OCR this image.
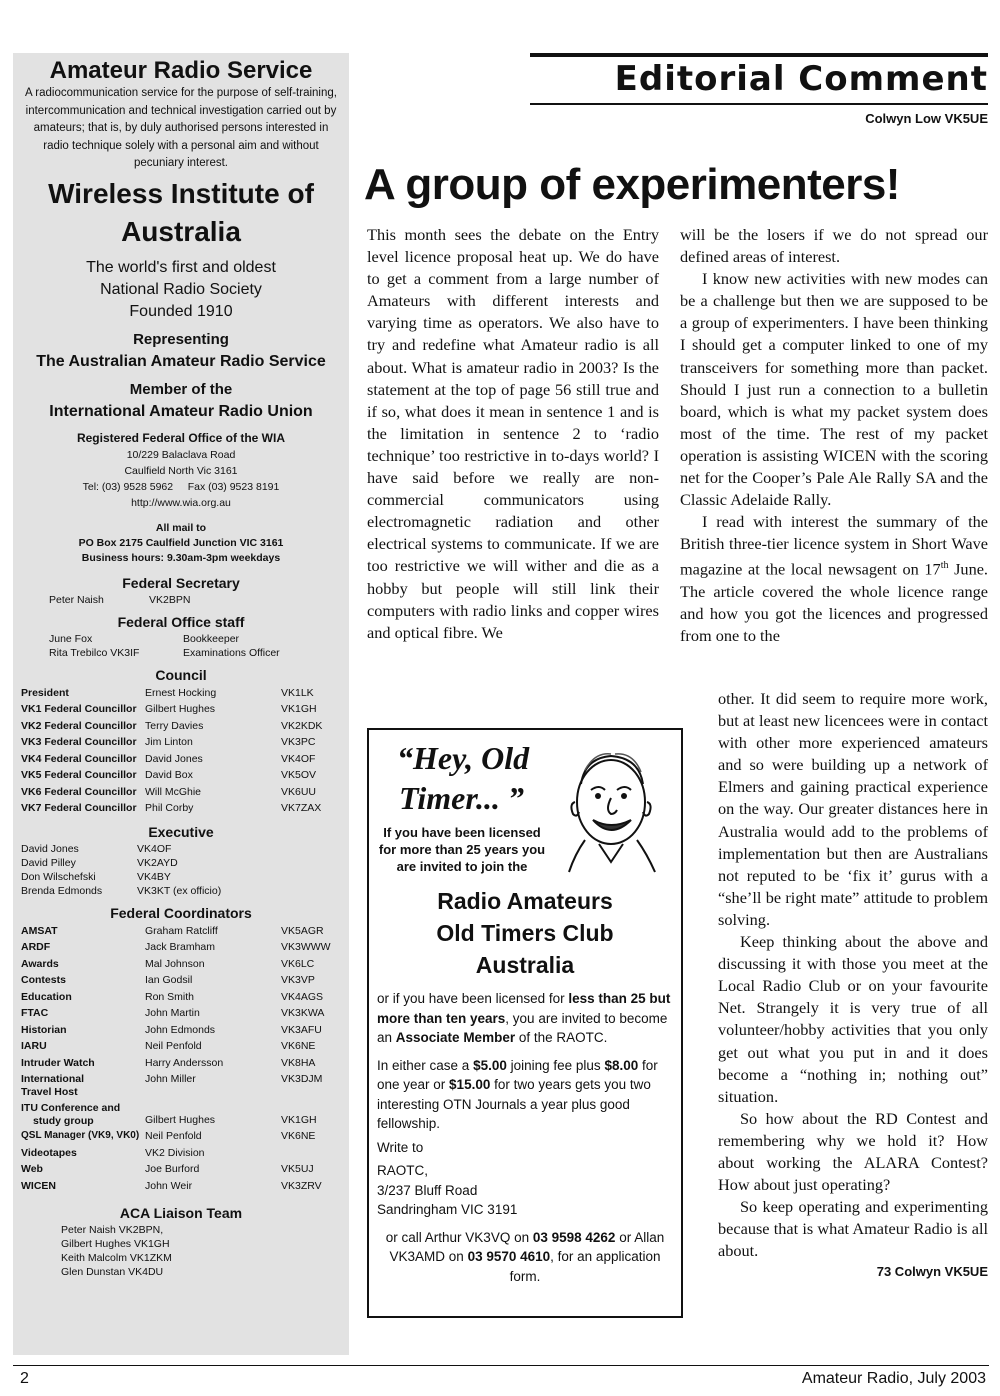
Amateur Radio Service
A radiocommunication service for the purpose of self-training, intercommunication and technical investigation carried out by amateurs; that is, by duly authorised persons interested in radio technique solely with a personal aim and without pecuniary interest.
Wireless Institute of Australia
The world's first and oldest
National Radio Society
Founded 1910
Representing
The Australian Amateur Radio Service
Member of the
International Amateur Radio Union
Registered Federal Office of the WIA
10/229 Balaclava Road
Caulfield North Vic 3161
Tel: (03) 9528 5962 Fax (03) 9523 8191
http://www.wia.org.au
All mail to
PO Box 2175 Caulfield Junction VIC 3161
Business hours: 9.30am-3pm weekdays
Federal Secretary
Peter Naish	VK2BPN
Federal Office staff
June Fox	Bookkeeper
Rita Trebilco VK3IF	Examinations Officer
Council
President	Ernest Hocking	VK1LK
VK1 Federal Councillor	Gilbert Hughes	VK1GH
VK2 Federal Councillor	Terry Davies	VK2KDK
VK3 Federal Councillor	Jim Linton	VK3PC
VK4 Federal Councillor	David Jones	VK4OF
VK5 Federal Councillor	David Box	VK5OV
VK6 Federal Councillor	Will McGhie	VK6UU
VK7 Federal Councillor	Phil Corby	VK7ZAX
Executive
David Jones	VK4OF
David Pilley	VK2AYD
Don Wilschefski	VK4BY
Brenda Edmonds	VK3KT (ex officio)
Federal Coordinators
AMSAT	Graham Ratcliff	VK5AGR
ARDF	Jack Bramham	VK3WWW
Awards	Mal Johnson	VK6LC
Contests	Ian Godsil	VK3VP
Education	Ron Smith	VK4AGS
FTAC	John Martin	VK3KWA
Historian	John Edmonds	VK3AFU
IARU	Neil Penfold	VK6NE
Intruder Watch	Harry Andersson	VK8HA
International
Travel Host	John Miller	VK3DJM
ITU Conference and
study group	Gilbert Hughes	VK1GH
QSL Manager (VK9, VK0)	Neil Penfold	VK6NE
Videotapes	VK2 Division	
Web	Joe Burford	VK5UJ
WICEN	John Weir	VK3ZRV
ACA Liaison Team
Peter Naish VK2BPN,
Gilbert Hughes VK1GH
Keith Malcolm VK1ZKM
Glen Dunstan VK4DU
Editorial Comment
Colwyn Low VK5UE
A group of experimenters!

This month sees the debate on the Entry level licence proposal heat up. We do have to get a comment from a large number of Amateurs with different interests and varying time as operators. We also have to try and redefine what Amateur radio is all about. What is amateur radio in 2003? Is the statement at the top of page 56 still true and if so, what does it mean in sentence 1 and is the limitation in sentence 2 to ‘radio technique’ too restrictive in to-days world? I have said before we really are non-commercial communicators using electromagnetic radiation and other electrical systems to communicate. If we are too restrictive we will wither and die as a hobby but people will still link their computers with radio links and copper wires and optical fibre. We

will be the losers if we do not spread our defined areas of interest.

I know new activities with new modes can be a challenge but then we are supposed to be a group of experimenters. I have been thinking I should get a computer linked to one of my transceivers for something more than packet. Should I just run a connection to a bulletin board, which is what my packet system does most of the time. The rest of my packet operation is assisting WICEN with the scoring net for the Cooper’s Pale Ale Rally SA and the Classic Adelaide Rally.

I read with interest the summary of the British three-tier licence system in Short Wave magazine at the local newsagent on 17th June. The article covered the whole licence range and how you got the licences and progressed from one to the

other. It did seem to require more work, but at least new licencees were in contact with other more experienced amateurs and so were building up a network of Elmers and gaining practical experience on the way. Our greater distances here in Australia would add to the problems of implementation but then are Australians not reputed to be ‘fix it’ gurus with a “she’ll be right mate” attitude to problem solving.

Keep thinking about the above and discussing it with those you meet at the Local Radio Club or on your favourite Net. Strangely it is very true of all volunteer/hobby activities that you only get out what you put in and it does become a “nothing in; nothing out” situation.

So how about the RD Contest and remembering why we hold it? How about working the ALARA Contest? How about just operating?

So keep operating and experimenting because that is what Amateur Radio is all about.

73 Colwyn VK5UE
“Hey, Old
Timer... ”
If you have been licensed for more than 25 years you are invited to join the
Radio Amateurs
Old Timers Club
Australia
or if you have been licensed for less than 25 but more than ten years, you are invited to become an Associate Member of the RAOTC.
In either case a $5.00 joining fee plus $8.00 for one year or $15.00 for two years gets you two interesting OTN Journals a year plus good fellowship.
Write to
RAOTC,
3/237 Bluff Road
Sandringham VIC 3191
or call Arthur VK3VQ on 03 9598 4262 or Allan VK3AMD on 03 9570 4610, for an application form.
2	Amateur Radio, July 2003
